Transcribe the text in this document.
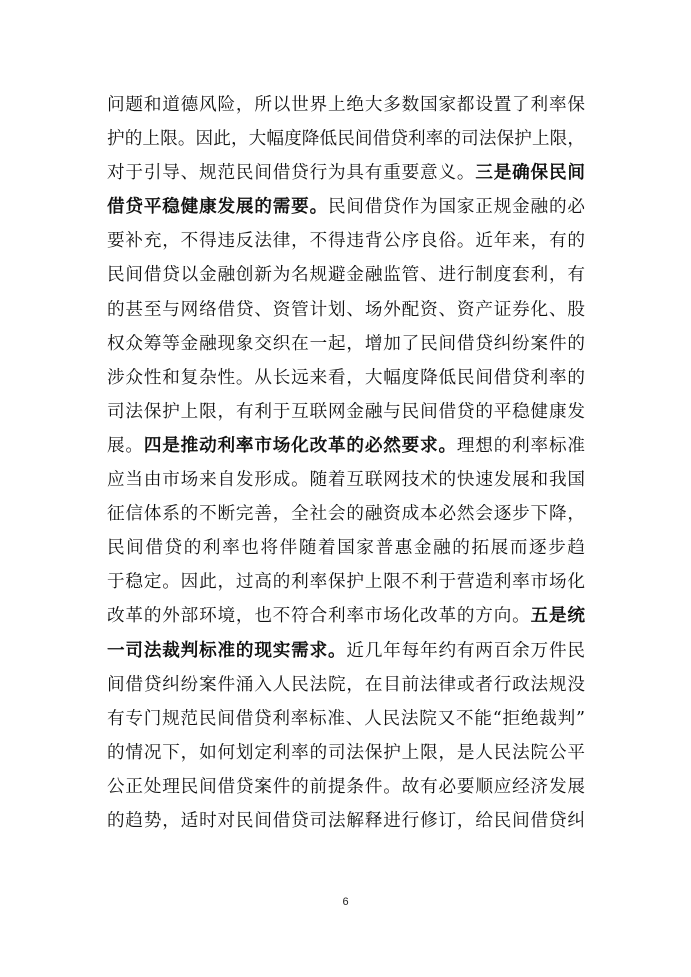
问题和道德风险，所以世界上绝大多数国家都设置了利率保
护的上限。因此，大幅度降低民间借贷利率的司法保护上限，
对于引导、规范民间借贷行为具有重要意义。三是确保民间
借贷平稳健康发展的需要。民间借贷作为国家正规金融的必
要补充，不得违反法律，不得违背公序良俗。近年来，有的
民间借贷以金融创新为名规避金融监管、进行制度套利，有
的甚至与网络借贷、资管计划、场外配资、资产证券化、股
权众筹等金融现象交织在一起，增加了民间借贷纠纷案件的
涉众性和复杂性。从长远来看，大幅度降低民间借贷利率的
司法保护上限，有利于互联网金融与民间借贷的平稳健康发
展。四是推动利率市场化改革的必然要求。理想的利率标准
应当由市场来自发形成。随着互联网技术的快速发展和我国
征信体系的不断完善，全社会的融资成本必然会逐步下降，
民间借贷的利率也将伴随着国家普惠金融的拓展而逐步趋
于稳定。因此，过高的利率保护上限不利于营造利率市场化
改革的外部环境，也不符合利率市场化改革的方向。五是统
一司法裁判标准的现实需求。近几年每年约有两百余万件民
间借贷纠纷案件涌入人民法院，在目前法律或者行政法规没
有专门规范民间借贷利率标准、人民法院又不能“拒绝裁判”
的情况下，如何划定利率的司法保护上限，是人民法院公平
公正处理民间借贷案件的前提条件。故有必要顺应经济发展
的趋势，适时对民间借贷司法解释进行修订，给民间借贷纠
6
